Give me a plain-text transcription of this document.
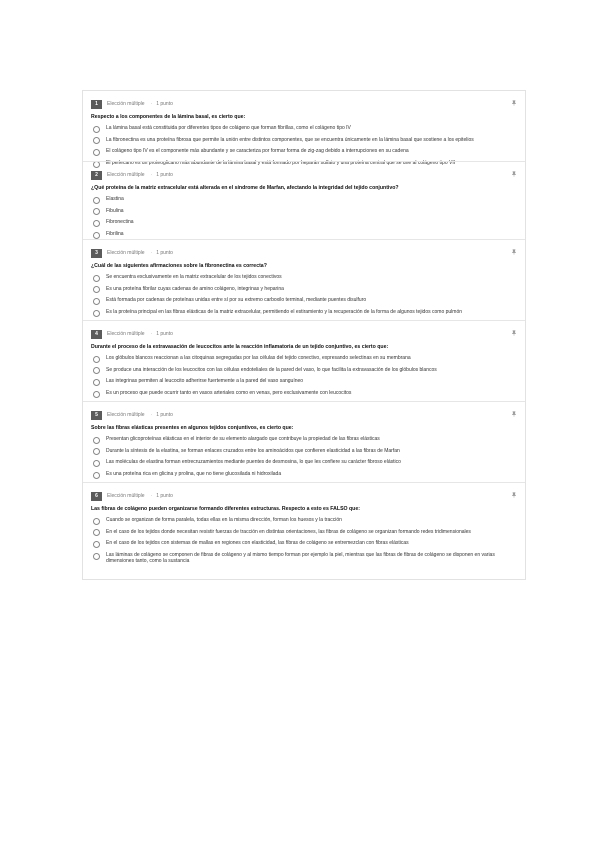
1	Elección múltiple · 1 punto
Respecto a los componentes de la lámina basal, es cierto que:
La lámina basal está constituida por diferentes tipos de colágeno que forman fibrillas, como el colágeno tipo IV
La fibronectina es una proteína fibrosa que permite la unión entre distintos componentes, que se encuentra únicamente en la lámina basal que sostiene a los epitelios
El colágeno tipo IV es el componente más abundante y se caracteriza por formar forma de zig-zag debido a interrupciones en su cadena
El perlecano es un proteoglicano más abundante de la lámina basal y está formado por heparán sulfato y una proteína central que se une al colágeno tipo VII
2	Elección múltiple · 1 punto
¿Qué proteína de la matriz extracelular está alterada en el síndrome de Marfan, afectando la integridad del tejido conjuntivo?
Elastina
Fibulina
Fibronectina
Fibrilina
3	Elección múltiple · 1 punto
¿Cuál de las siguientes afirmaciones sobre la fibronectina es correcta?
Se encuentra exclusivamente en la matriz extracelular de los tejidos conectivos
Es una proteína fibrilar cuyas cadenas de amino colágeno, integrinas y heparina
Está formada por cadenas de proteínas unidas entre sí por su extremo carboxilo terminal, mediante puentes disulfuro
Es la proteína principal en las fibras elásticas de la matriz extracelular, permitiendo el estiramiento y la recuperación de la forma de algunos tejidos como pulmón
4	Elección múltiple · 1 punto
Durante el proceso de la extravasación de leucocitos ante la reacción inflamatoria de un tejido conjuntivo, es cierto que:
Los glóbulos blancos reaccionan a las citoquinas segregadas por las células del tejido conectivo, expresando selectinas en su membrana
Se produce una interacción de los leucocitos con las células endoteliales de la pared del vaso, lo que facilita la extravasación de los glóbulos blancos
Las integrinas permiten al leucocito adherirse fuertemente a la pared del vaso sanguíneo
Es un proceso que puede ocurrir tanto en vasos arteriales como en venas, pero exclusivamente con leucocitos
5	Elección múltiple · 1 punto
Sobre las fibras elásticas presentes en algunos tejidos conjuntivos, es cierto que:
Presentan glicoproteínas elásticas en el interior de su elemento alargado que contribuye la propiedad de las fibras elásticas
Durante la síntesis de la elastina, se forman enlaces cruzados entre los aminoácidos que confieren elasticidad a las fibras de Marfan
Las moléculas de elastina forman entrecruzamientos mediante puentes de desmosina, lo que les confiere su carácter fibroso elástico
Es una proteína rica en glicina y prolina, que no tiene glucosilada ni hidroxilada
6	Elección múltiple · 1 punto
Las fibras de colágeno pueden organizarse formando diferentes estructuras. Respecto a esto es FALSO que:
Cuando se organizan de forma paralela, todas ellas en la misma dirección, forman los huesos y la tracción
En el caso de los tejidos donde necesitan resistir fuerzas de tracción en distintas orientaciones, las fibras de colágeno se organizan formando redes tridimensionales
En el caso de los tejidos con sistemas de mallas en regiones con elasticidad, las fibras de colágeno se entremezclan con fibras elásticas
Las láminas de colágeno se componen de fibras de colágeno y al mismo tiempo forman por ejemplo la piel, mientras que las fibras de fibras de colágeno se disponen en varias dimensiones tanto, como la sustancia
